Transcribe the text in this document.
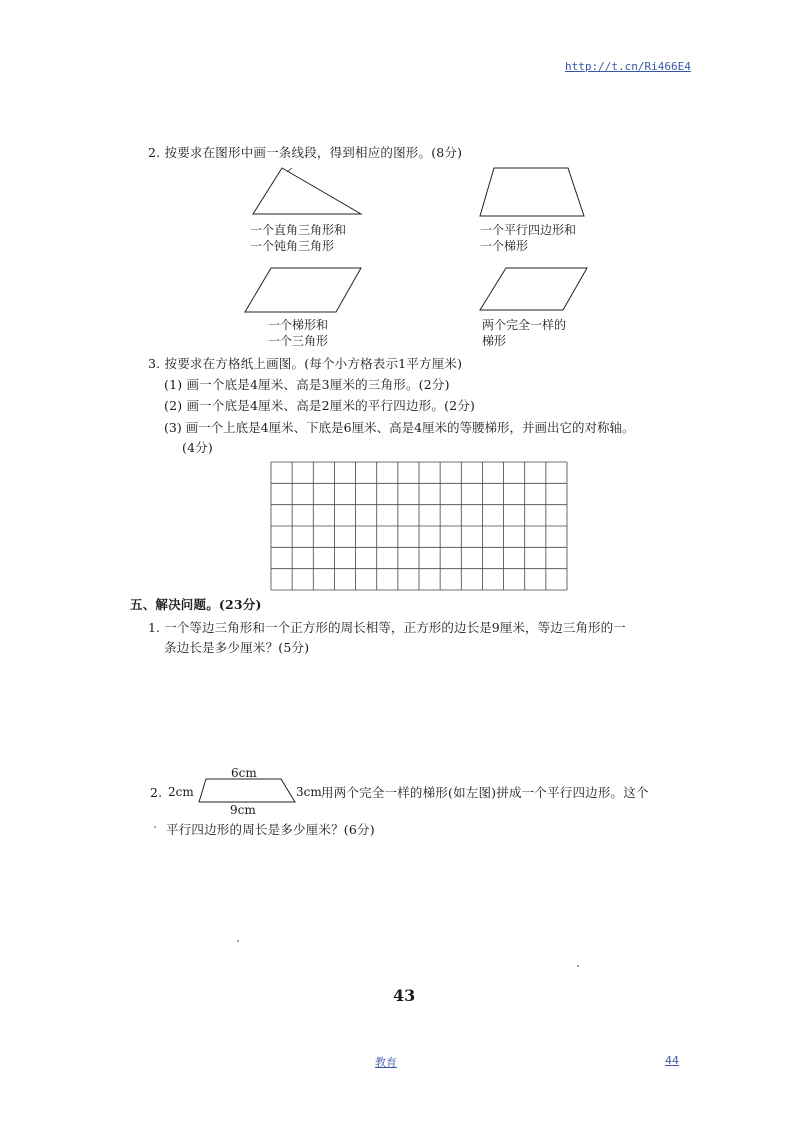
http://t.cn/Ri466E4
2. 按要求在图形中画一条线段，得到相应的图形。(8分)
一个直角三角形和
一个钝角三角形
一个平行四边形和
一个梯形
一个梯形和
一个三角形
两个完全一样的
梯形
3. 按要求在方格纸上画图。(每个小方格表示1平方厘米)
(1) 画一个底是4厘米、高是3厘米的三角形。(2分)
(2) 画一个底是4厘米、高是2厘米的平行四边形。(2分)
(3) 画一个上底是4厘米、下底是6厘米、高是4厘米的等腰梯形，并画出它的对称轴。
(4分)
五、解决问题。(23分)
1. 一个等边三角形和一个正方形的周长相等，正方形的边长是9厘米，等边三角形的一
条边长是多少厘米？(5分)
2. 2cm
6cm
9cm
3cm 用两个完全一样的梯形(如左图)拼成一个平行四边形。这个
平行四边形的周长是多少厘米？(6分)
43
教育	44
